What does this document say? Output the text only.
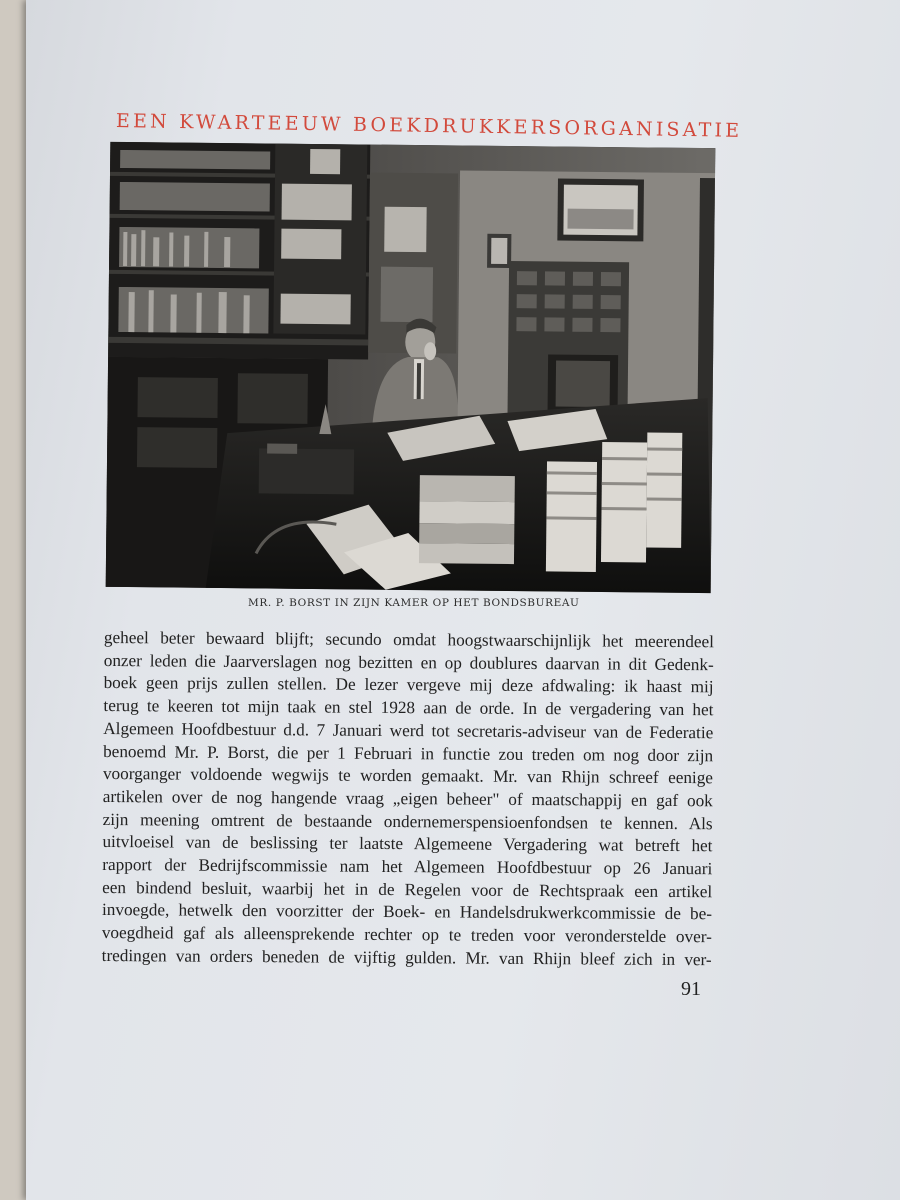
EEN KWARTEEUW BOEKDRUKKERSORGANISATIE
MR. P. BORST IN ZIJN KAMER OP HET BONDSBUREAU
geheel beter bewaard blijft; secundo omdat hoogstwaarschijnlijk het meerendeel
onzer leden die Jaarverslagen nog bezitten en op doublures daarvan in dit Gedenk-
boek geen prijs zullen stellen. De lezer vergeve mij deze afdwaling: ik haast mij
terug te keeren tot mijn taak en stel 1928 aan de orde. In de vergadering van het
Algemeen Hoofdbestuur d.d. 7 Januari werd tot secretaris-adviseur van de Federatie
benoemd Mr. P. Borst, die per 1 Februari in functie zou treden om nog door zijn
voorganger voldoende wegwijs te worden gemaakt. Mr. van Rhijn schreef eenige
artikelen over de nog hangende vraag „eigen beheer" of maatschappij en gaf ook
zijn meening omtrent de bestaande ondernemerspensioenfondsen te kennen. Als
uitvloeisel van de beslissing ter laatste Algemeene Vergadering wat betreft het
rapport der Bedrijfscommissie nam het Algemeen Hoofdbestuur op 26 Januari
een bindend besluit, waarbij het in de Regelen voor de Rechtspraak een artikel
invoegde, hetwelk den voorzitter der Boek- en Handelsdrukwerkcommissie de be-
voegdheid gaf als alleensprekende rechter op te treden voor veronderstelde over-
tredingen van orders beneden de vijftig gulden. Mr. van Rhijn bleef zich in ver-
91
